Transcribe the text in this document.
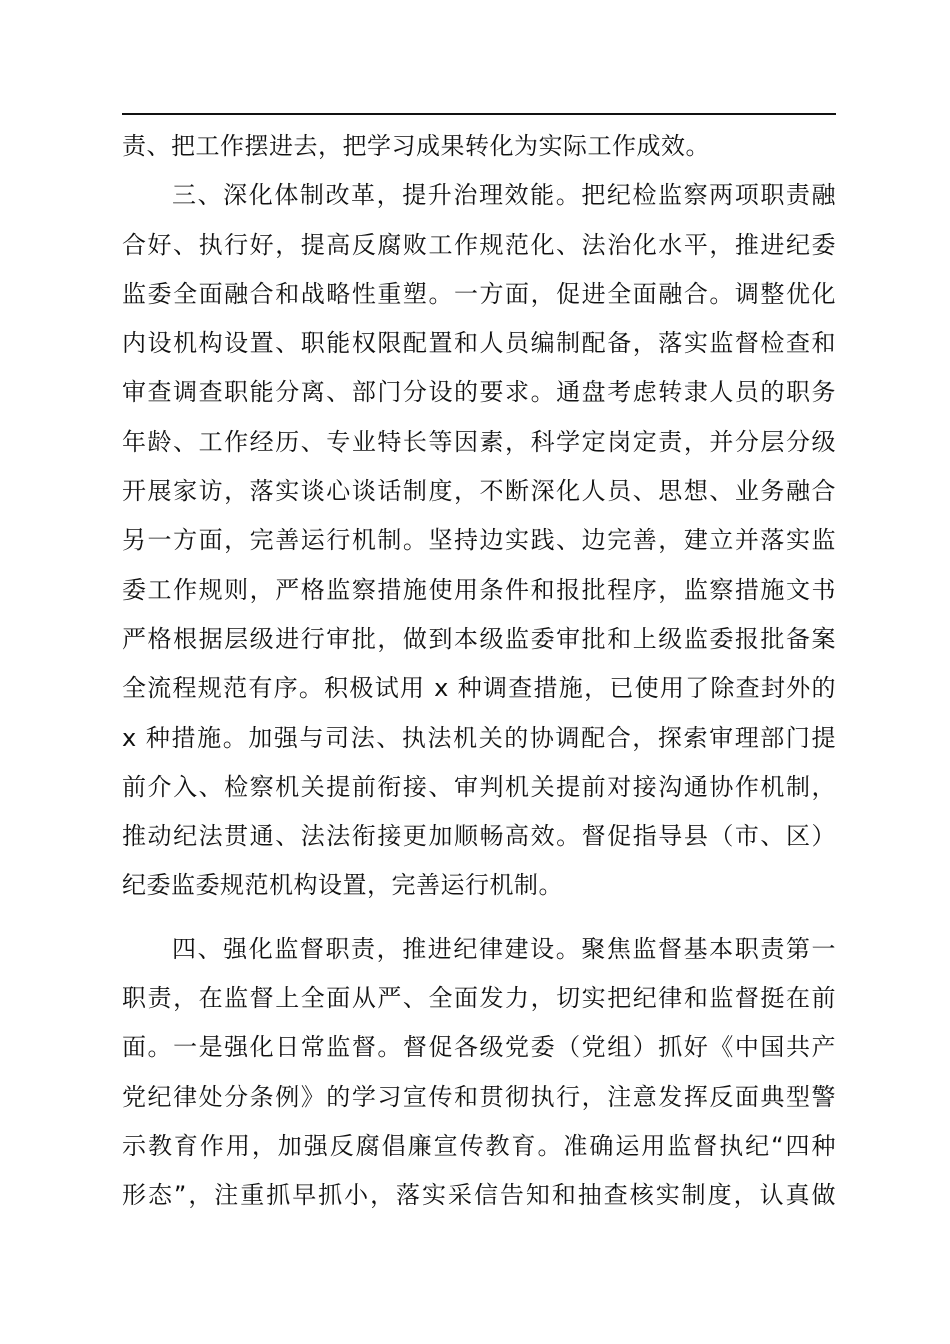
责、把工作摆进去，把学习成果转化为实际工作成效。
三、深化体制改革，提升治理效能。把纪检监察两项职责融
合好、执行好，提高反腐败工作规范化、法治化水平，推进纪委
监委全面融合和战略性重塑。一方面，促进全面融合。调整优化
内设机构设置、职能权限配置和人员编制配备，落实监督检查和
审查调查职能分离、部门分设的要求。通盘考虑转隶人员的职务
年龄、工作经历、专业特长等因素，科学定岗定责，并分层分级
开展家访，落实谈心谈话制度，不断深化人员、思想、业务融合
另一方面，完善运行机制。坚持边实践、边完善，建立并落实监
委工作规则，严格监察措施使用条件和报批程序，监察措施文书
严格根据层级进行审批，做到本级监委审批和上级监委报批备案
全流程规范有序。积极试用 x 种调查措施，已使用了除查封外的
x 种措施。加强与司法、执法机关的协调配合，探索审理部门提
前介入、检察机关提前衔接、审判机关提前对接沟通协作机制，
推动纪法贯通、法法衔接更加顺畅高效。督促指导县（市、区）
纪委监委规范机构设置，完善运行机制。
四、强化监督职责，推进纪律建设。聚焦监督基本职责第一
职责，在监督上全面从严、全面发力，切实把纪律和监督挺在前
面。一是强化日常监督。督促各级党委（党组）抓好《中国共产
党纪律处分条例》的学习宣传和贯彻执行，注意发挥反面典型警
示教育作用，加强反腐倡廉宣传教育。准确运用监督执纪“四种
形态”，注重抓早抓小，落实采信告知和抽查核实制度，认真做
